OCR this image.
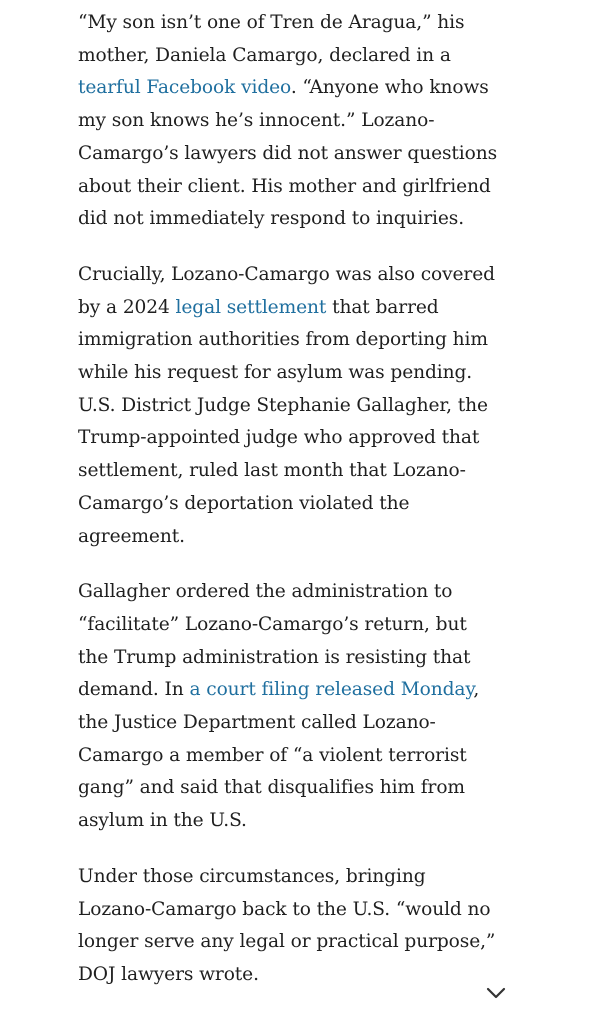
“My son isn’t one of Tren de Aragua,” his mother, Daniela Camargo, declared in a tearful Facebook video. “Anyone who knows my son knows he’s innocent.” Lozano-Camargo’s lawyers did not answer questions about their client. His mother and girlfriend did not immediately respond to inquiries.

Crucially, Lozano-Camargo was also covered by a 2024 legal settlement that barred immigration authorities from deporting him while his request for asylum was pending. U.S. District Judge Stephanie Gallagher, the Trump-appointed judge who approved that settlement, ruled last month that Lozano-Camargo’s deportation violated the agreement.

Gallagher ordered the administration to “facilitate” Lozano-Camargo’s return, but the Trump administration is resisting that demand. In a court filing released Monday, the Justice Department called Lozano-Camargo a member of “a violent terrorist gang” and said that disqualifies him from asylum in the U.S.

Under those circumstances, bringing Lozano-Camargo back to the U.S. “would no longer serve any legal or practical purpose,” DOJ lawyers wrote.
